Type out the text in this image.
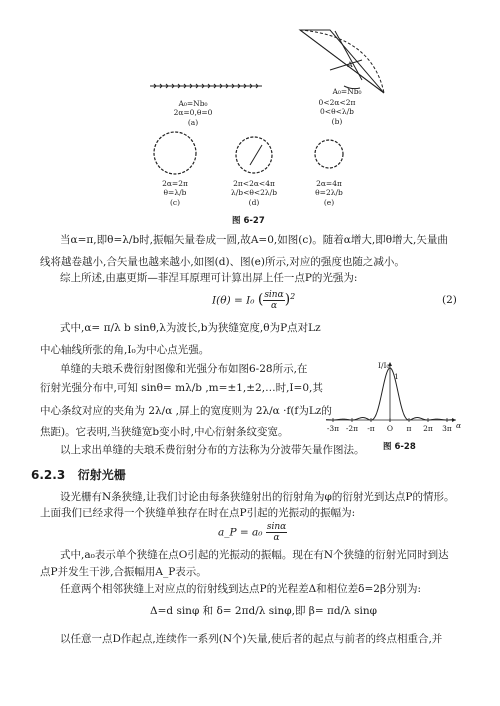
A₀=Nb₀
2α=0,θ=0
(a)
A₀=Nb₀
0<2α<2π
0<θ<λ/b
(b)
A
2α=2π
θ=λ/b
(c)
2π<2α<4π
λ/b<θ<2λ/b
(d)
2α=4π
θ=2λ/b
(e)
图 6-27
当α=π,即θ=λ/b时,振幅矢量卷成一圆,故A=0,如图(c)。随着α增大,即θ增大,矢量曲
线将越卷越小,合矢量也越来越小,如图(d)、图(e)所示,对应的强度也随之减小。
综上所述,由惠更斯—菲涅耳原理可计算出屏上任一点P的光强为:
I(θ) = I₀ ( $\frac{\sin\alpha}{\alpha} )^2$	(2)
式中,α= π/λ b sinθ,λ为波长,b为狭缝宽度,θ为P点对Lz
中心轴线所张的角,I₀为中心点光强。
单缝的夫琅禾费衍射图像和光强分布如图6-28所示,在
衍射光强分布中,可知 sinθ= mλ/b ,m=±1,±2,…时,I=0,其
中心条纹对应的夹角为 2λ/α ,屏上的宽度则为 2λ/α ·f(f为Lz的
焦距)。它表明,当狭缝宽b变小时,中心衍射条纹变宽。
以上求出单缝的夫琅禾费衍射分布的方法称为分波带矢量作图法。
I/I₀
1
-3π -2π	-π	O	π	2π	3π α
图 6-28
6.2.3 衍射光栅
设光栅有N条狭缝,让我们讨论由每条狭缝射出的衍射角为φ的衍射光到达点P的情形。
上面我们已经求得一个狭缝单独存在时在点P引起的光振动的振幅为:
a_P = $a_0 \frac{\sin\alpha}{\alpha}$
式中,a₀表示单个狭缝在点O引起的光振动的振幅。现在有N个狭缝的衍射光同时到达
点P并发生干涉,合振幅用A_P表示。
任意两个相邻狭缝上对应点的衍射线到达点P的光程差Δ和相位差δ=2β分别为:
Δ=d sinφ 和 δ= 2πd/λ sinφ,即 β= πd/λ sinφ
以任意一点D作起点,连续作一系列(N个)矢量,使后者的起点与前者的终点相重合,并
